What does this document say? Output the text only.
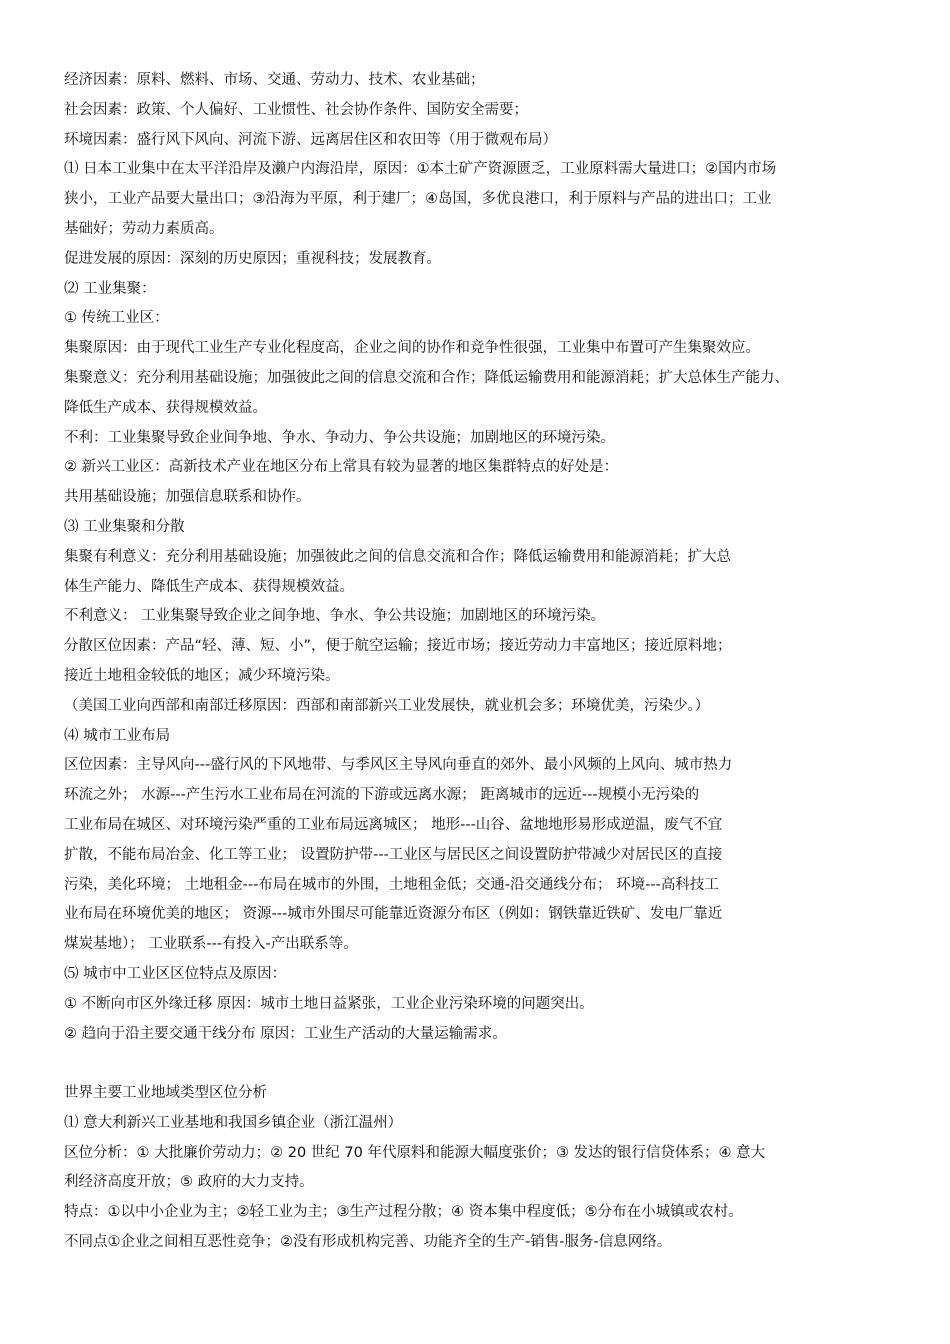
经济因素：原料、燃料、市场、交通、劳动力、技术、农业基础；
社会因素：政策、个人偏好、工业惯性、社会协作条件、国防安全需要；
环境因素：盛行风下风向、河流下游、远离居住区和农田等（用于微观布局）
⑴ 日本工业集中在太平洋沿岸及濑户内海沿岸，原因：①本土矿产资源匮乏，工业原料需大量进口；②国内市场
狭小，工业产品要大量出口；③沿海为平原，利于建厂；④岛国，多优良港口，利于原料与产品的进出口；工业
基础好；劳动力素质高。
促进发展的原因：深刻的历史原因；重视科技；发展教育。
⑵ 工业集聚：
① 传统工业区：
集聚原因：由于现代工业生产专业化程度高，企业之间的协作和竞争性很强，工业集中布置可产生集聚效应。
集聚意义：充分利用基础设施；加强彼此之间的信息交流和合作；降低运输费用和能源消耗；扩大总体生产能力、
降低生产成本、获得规模效益。
不利：工业集聚导致企业间争地、争水、争动力、争公共设施；加剧地区的环境污染。
② 新兴工业区：高新技术产业在地区分布上常具有较为显著的地区集群特点的好处是：
共用基础设施；加强信息联系和协作。
⑶ 工业集聚和分散
集聚有利意义：充分利用基础设施；加强彼此之间的信息交流和合作；降低运输费用和能源消耗；扩大总
体生产能力、降低生产成本、获得规模效益。
不利意义： 工业集聚导致企业之间争地、争水、争公共设施；加剧地区的环境污染。
分散区位因素：产品“轻、薄、短、小”，便于航空运输；接近市场；接近劳动力丰富地区；接近原料地；
接近土地租金较低的地区；减少环境污染。
（美国工业向西部和南部迁移原因：西部和南部新兴工业发展快，就业机会多；环境优美，污染少。）
⑷ 城市工业布局
区位因素：主导风向---盛行风的下风地带、与季风区主导风向垂直的郊外、最小风频的上风向、城市热力
环流之外； 水源---产生污水工业布局在河流的下游或远离水源； 距离城市的远近---规模小无污染的
工业布局在城区、对环境污染严重的工业布局远离城区； 地形---山谷、盆地地形易形成逆温，废气不宜
扩散，不能布局冶金、化工等工业； 设置防护带---工业区与居民区之间设置防护带减少对居民区的直接
污染，美化环境； 土地租金---布局在城市的外围，土地租金低；交通-沿交通线分布； 环境---高科技工
业布局在环境优美的地区； 资源---城市外围尽可能靠近资源分布区（例如：钢铁靠近铁矿、发电厂靠近
煤炭基地）； 工业联系---有投入-产出联系等。
⑸ 城市中工业区区位特点及原因：
① 不断向市区外缘迁移 原因：城市土地日益紧张，工业企业污染环境的问题突出。
② 趋向于沿主要交通干线分布 原因：工业生产活动的大量运输需求。
世界主要工业地域类型区位分析
⑴ 意大利新兴工业基地和我国乡镇企业（浙江温州）
区位分析：① 大批廉价劳动力；② 20 世纪 70 年代原料和能源大幅度张价；③ 发达的银行信贷体系；④ 意大
利经济高度开放；⑤ 政府的大力支持。
特点：①以中小企业为主；②轻工业为主；③生产过程分散；④ 资本集中程度低；⑤分布在小城镇或农村。
不同点①企业之间相互恶性竞争；②没有形成机构完善、功能齐全的生产-销售-服务-信息网络。
